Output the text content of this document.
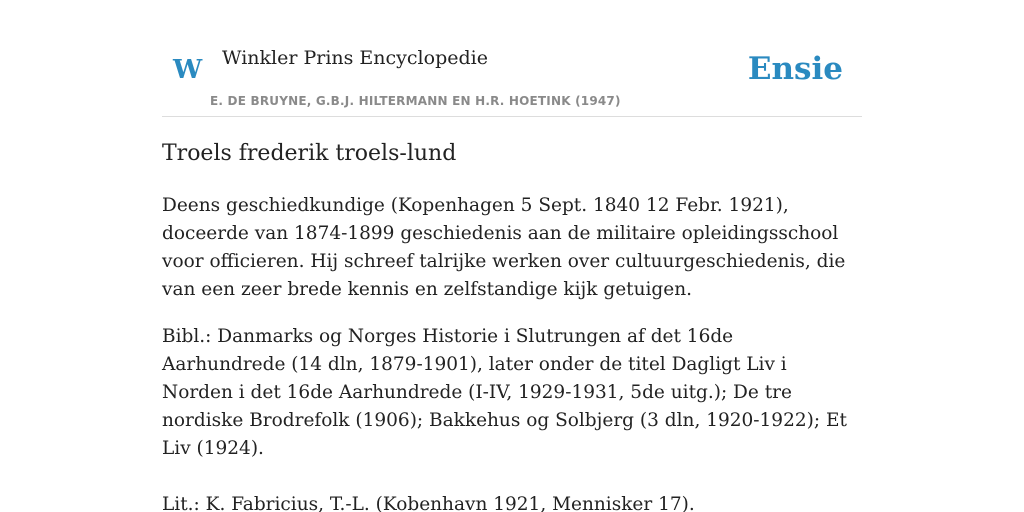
W Winkler Prins Encyclopedie	Ensie
E. DE BRUYNE, G.B.J. HILTERMANN EN H.R. HOETINK (1947)
Troels frederik troels-lund

Deens geschiedkundige (Kopenhagen 5 Sept. 1840 12 Febr. 1921), doceerde van 1874-1899 geschiedenis aan de militaire opleidingsschool voor officieren. Hij schreef talrijke werken over cultuurgeschiedenis, die van een zeer brede kennis en zelfstandige kijk getuigen.

Bibl.: Danmarks og Norges Historie i Slutrungen af det 16de Aarhundrede (14 dln, 1879-1901), later onder de titel Dagligt Liv i Norden i det 16de Aarhundrede (I-IV, 1929-1931, 5de uitg.); De tre nordiske Brodrefolk (1906); Bakkehus og Solbjerg (3 dln, 1920-1922); Et Liv (1924).

Lit.: K. Fabricius, T.-L. (Kobenhavn 1921, Mennisker 17).
